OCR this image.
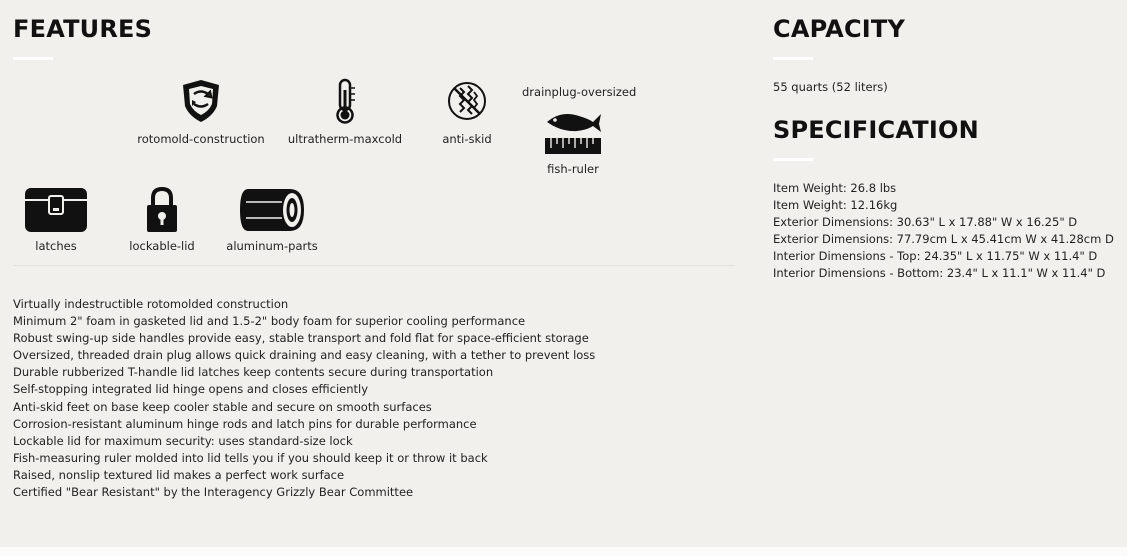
FEATURES
rotomold-construction	ultratherm-maxcold	anti-skid
drainplug-oversized
fish-ruler
latches	lockable-lid	aluminum-parts
Virtually indestructible rotomolded construction
Minimum 2" foam in gasketed lid and 1.5-2" body foam for superior cooling performance
Robust swing-up side handles provide easy, stable transport and fold flat for space-efficient storage
Oversized, threaded drain plug allows quick draining and easy cleaning, with a tether to prevent loss
Durable rubberized T-handle lid latches keep contents secure during transportation
Self-stopping integrated lid hinge opens and closes efficiently
Anti-skid feet on base keep cooler stable and secure on smooth surfaces
Corrosion-resistant aluminum hinge rods and latch pins for durable performance
Lockable lid for maximum security: uses standard-size lock
Fish-measuring ruler molded into lid tells you if you should keep it or throw it back
Raised, nonslip textured lid makes a perfect work surface
Certified "Bear Resistant" by the Interagency Grizzly Bear Committee
CAPACITY
55 quarts (52 liters)
SPECIFICATION
Item Weight: 26.8 lbs
Item Weight: 12.16kg
Exterior Dimensions: 30.63" L x 17.88" W x 16.25" D
Exterior Dimensions: 77.79cm L x 45.41cm W x 41.28cm D
Interior Dimensions - Top: 24.35" L x 11.75" W x 11.4" D
Interior Dimensions - Bottom: 23.4" L x 11.1" W x 11.4" D
